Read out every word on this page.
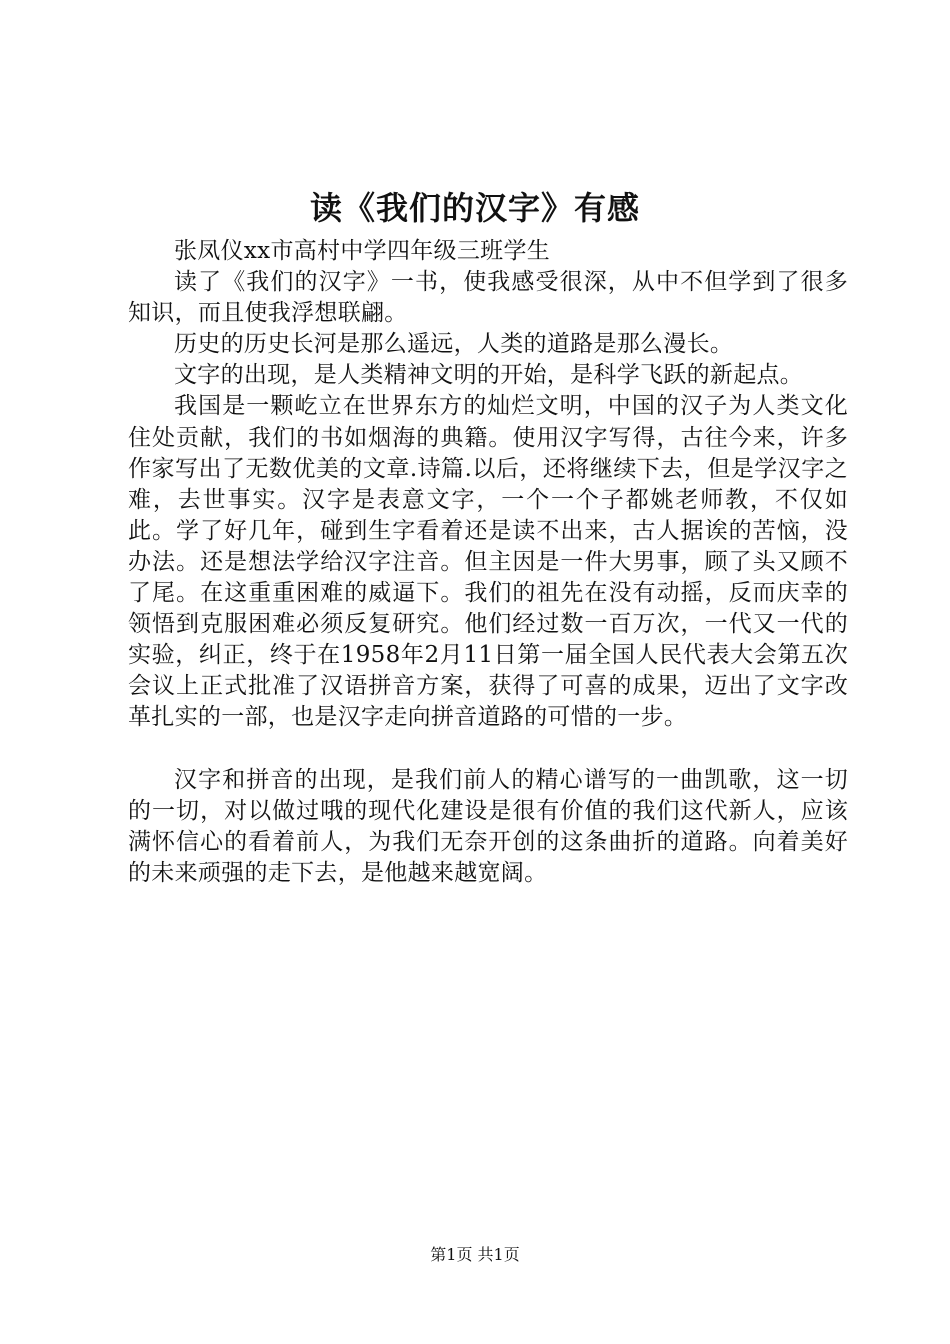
读《我们的汉字》有感

张凤仪xx市高村中学四年级三班学生

读了《我们的汉字》一书，使我感受很深，从中不但学到了很多知识，而且使我浮想联翩。

历史的历史长河是那么遥远，人类的道路是那么漫长。

文字的出现，是人类精神文明的开始，是科学飞跃的新起点。

我国是一颗屹立在世界东方的灿烂文明，中国的汉子为人类文化住处贡献，我们的书如烟海的典籍。使用汉字写得，古往今来，许多作家写出了无数优美的文章.诗篇.以后，还将继续下去，但是学汉字之难，去世事实。汉字是表意文字，一个一个子都姚老师教，不仅如此。学了好几年，碰到生字看着还是读不出来，古人据诶的苦恼，没办法。还是想法学给汉字注音。但主因是一件大男事，顾了头又顾不了尾。在这重重困难的威逼下。我们的祖先在没有动摇，反而庆幸的领悟到克服困难必须反复研究。他们经过数一百万次，一代又一代的实验，纠正，终于在1958年2月11日第一届全国人民代表大会第五次会议上正式批准了汉语拼音方案，获得了可喜的成果，迈出了文字改革扎实的一部，也是汉字走向拼音道路的可惜的一步。

汉字和拼音的出现，是我们前人的精心谱写的一曲凯歌，这一切的一切，对以做过哦的现代化建设是很有价值的我们这代新人，应该满怀信心的看着前人，为我们无奈开创的这条曲折的道路。向着美好的未来顽强的走下去，是他越来越宽阔。

第1页 共1页
